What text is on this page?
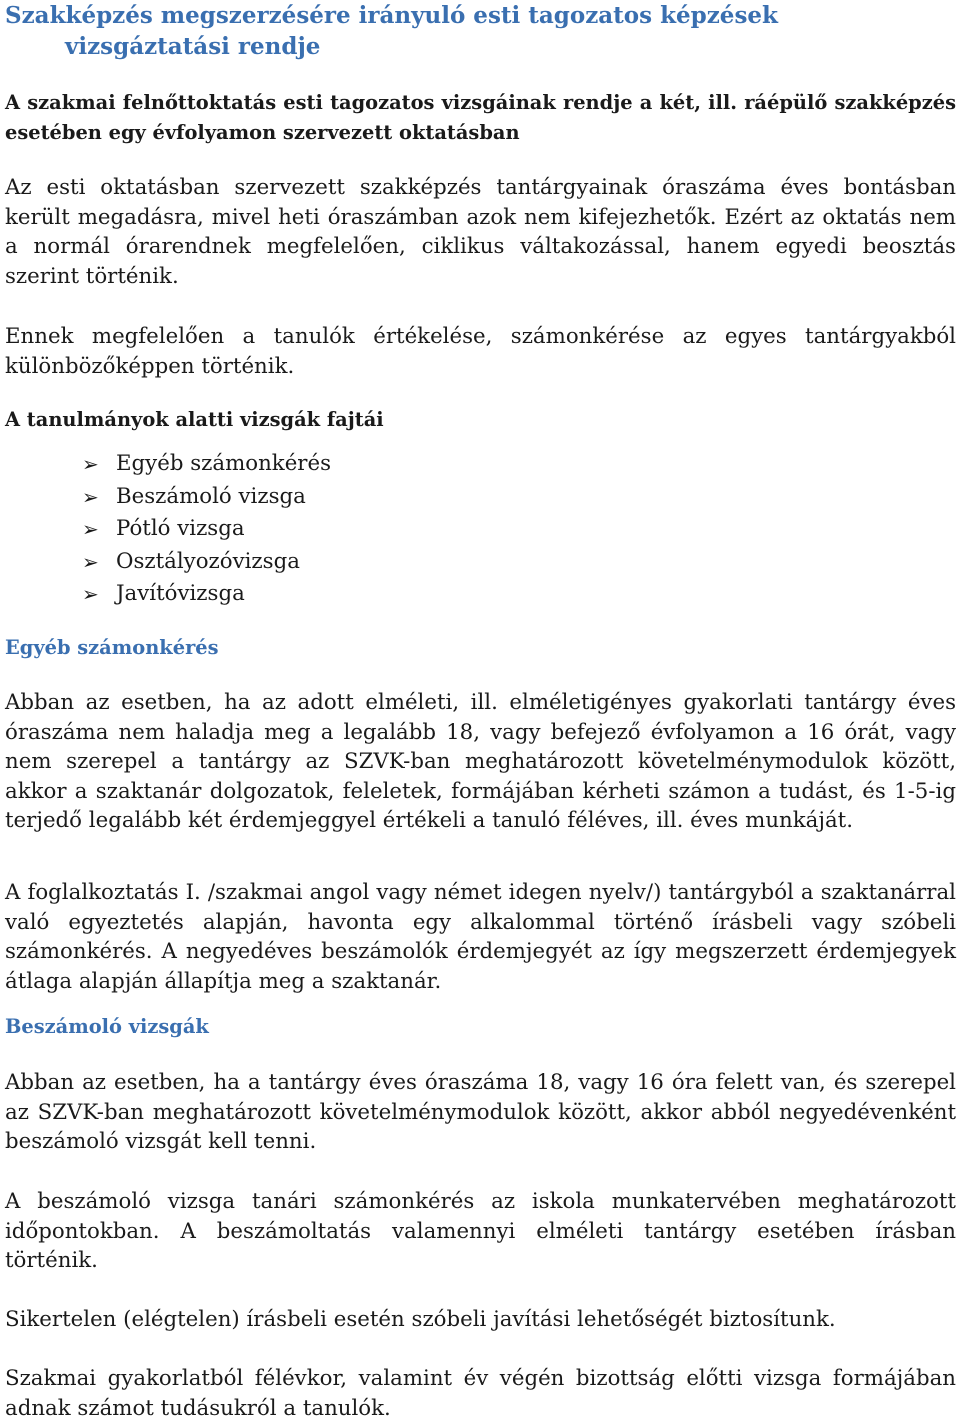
Szakképzés megszerzésére irányuló esti tagozatos képzések
vizsgáztatási rendje

A szakmai felnőttoktatás esti tagozatos vizsgáinak rendje a két, ill. ráépülő szakképzés esetében egy évfolyamon szervezett oktatásban

Az esti oktatásban szervezett szakképzés tantárgyainak óraszáma éves bontásban került megadásra, mivel heti óraszámban azok nem kifejezhetők. Ezért az oktatás nem a normál órarendnek megfelelően, ciklikus váltakozással, hanem egyedi beosztás szerint történik.

Ennek megfelelően a tanulók értékelése, számonkérése az egyes tantárgyakból különbözőképpen történik.

A tanulmányok alatti vizsgák fajtái

➢ Egyéb számonkérés
➢ Beszámoló vizsga
➢ Pótló vizsga
➢ Osztályozóvizsga
➢ Javítóvizsga

Egyéb számonkérés

Abban az esetben, ha az adott elméleti, ill. elméletigényes gyakorlati tantárgy éves óraszáma nem haladja meg a legalább 18, vagy befejező évfolyamon a 16 órát, vagy nem szerepel a tantárgy az SZVK-ban meghatározott követelménymodulok között, akkor a szaktanár dolgozatok, feleletek, formájában kérheti számon a tudást, és 1-5-ig terjedő legalább két érdemjeggyel értékeli a tanuló féléves, ill. éves munkáját.

A foglalkoztatás I. /szakmai angol vagy német idegen nyelv/) tantárgyból a szaktanárral való egyeztetés alapján, havonta egy alkalommal történő írásbeli vagy szóbeli számonkérés. A negyedéves beszámolók érdemjegyét az így megszerzett érdemjegyek átlaga alapján állapítja meg a szaktanár.

Beszámoló vizsgák

Abban az esetben, ha a tantárgy éves óraszáma 18, vagy 16 óra felett van, és szerepel az SZVK-ban meghatározott követelménymodulok között, akkor abból negyedévenként beszámoló vizsgát kell tenni.

A beszámoló vizsga tanári számonkérés az iskola munkatervében meghatározott időpontokban. A beszámoltatás valamennyi elméleti tantárgy esetében írásban történik.

Sikertelen (elégtelen) írásbeli esetén szóbeli javítási lehetőségét biztosítunk.

Szakmai gyakorlatból félévkor, valamint év végén bizottság előtti vizsga formájában adnak számot tudásukról a tanulók.
